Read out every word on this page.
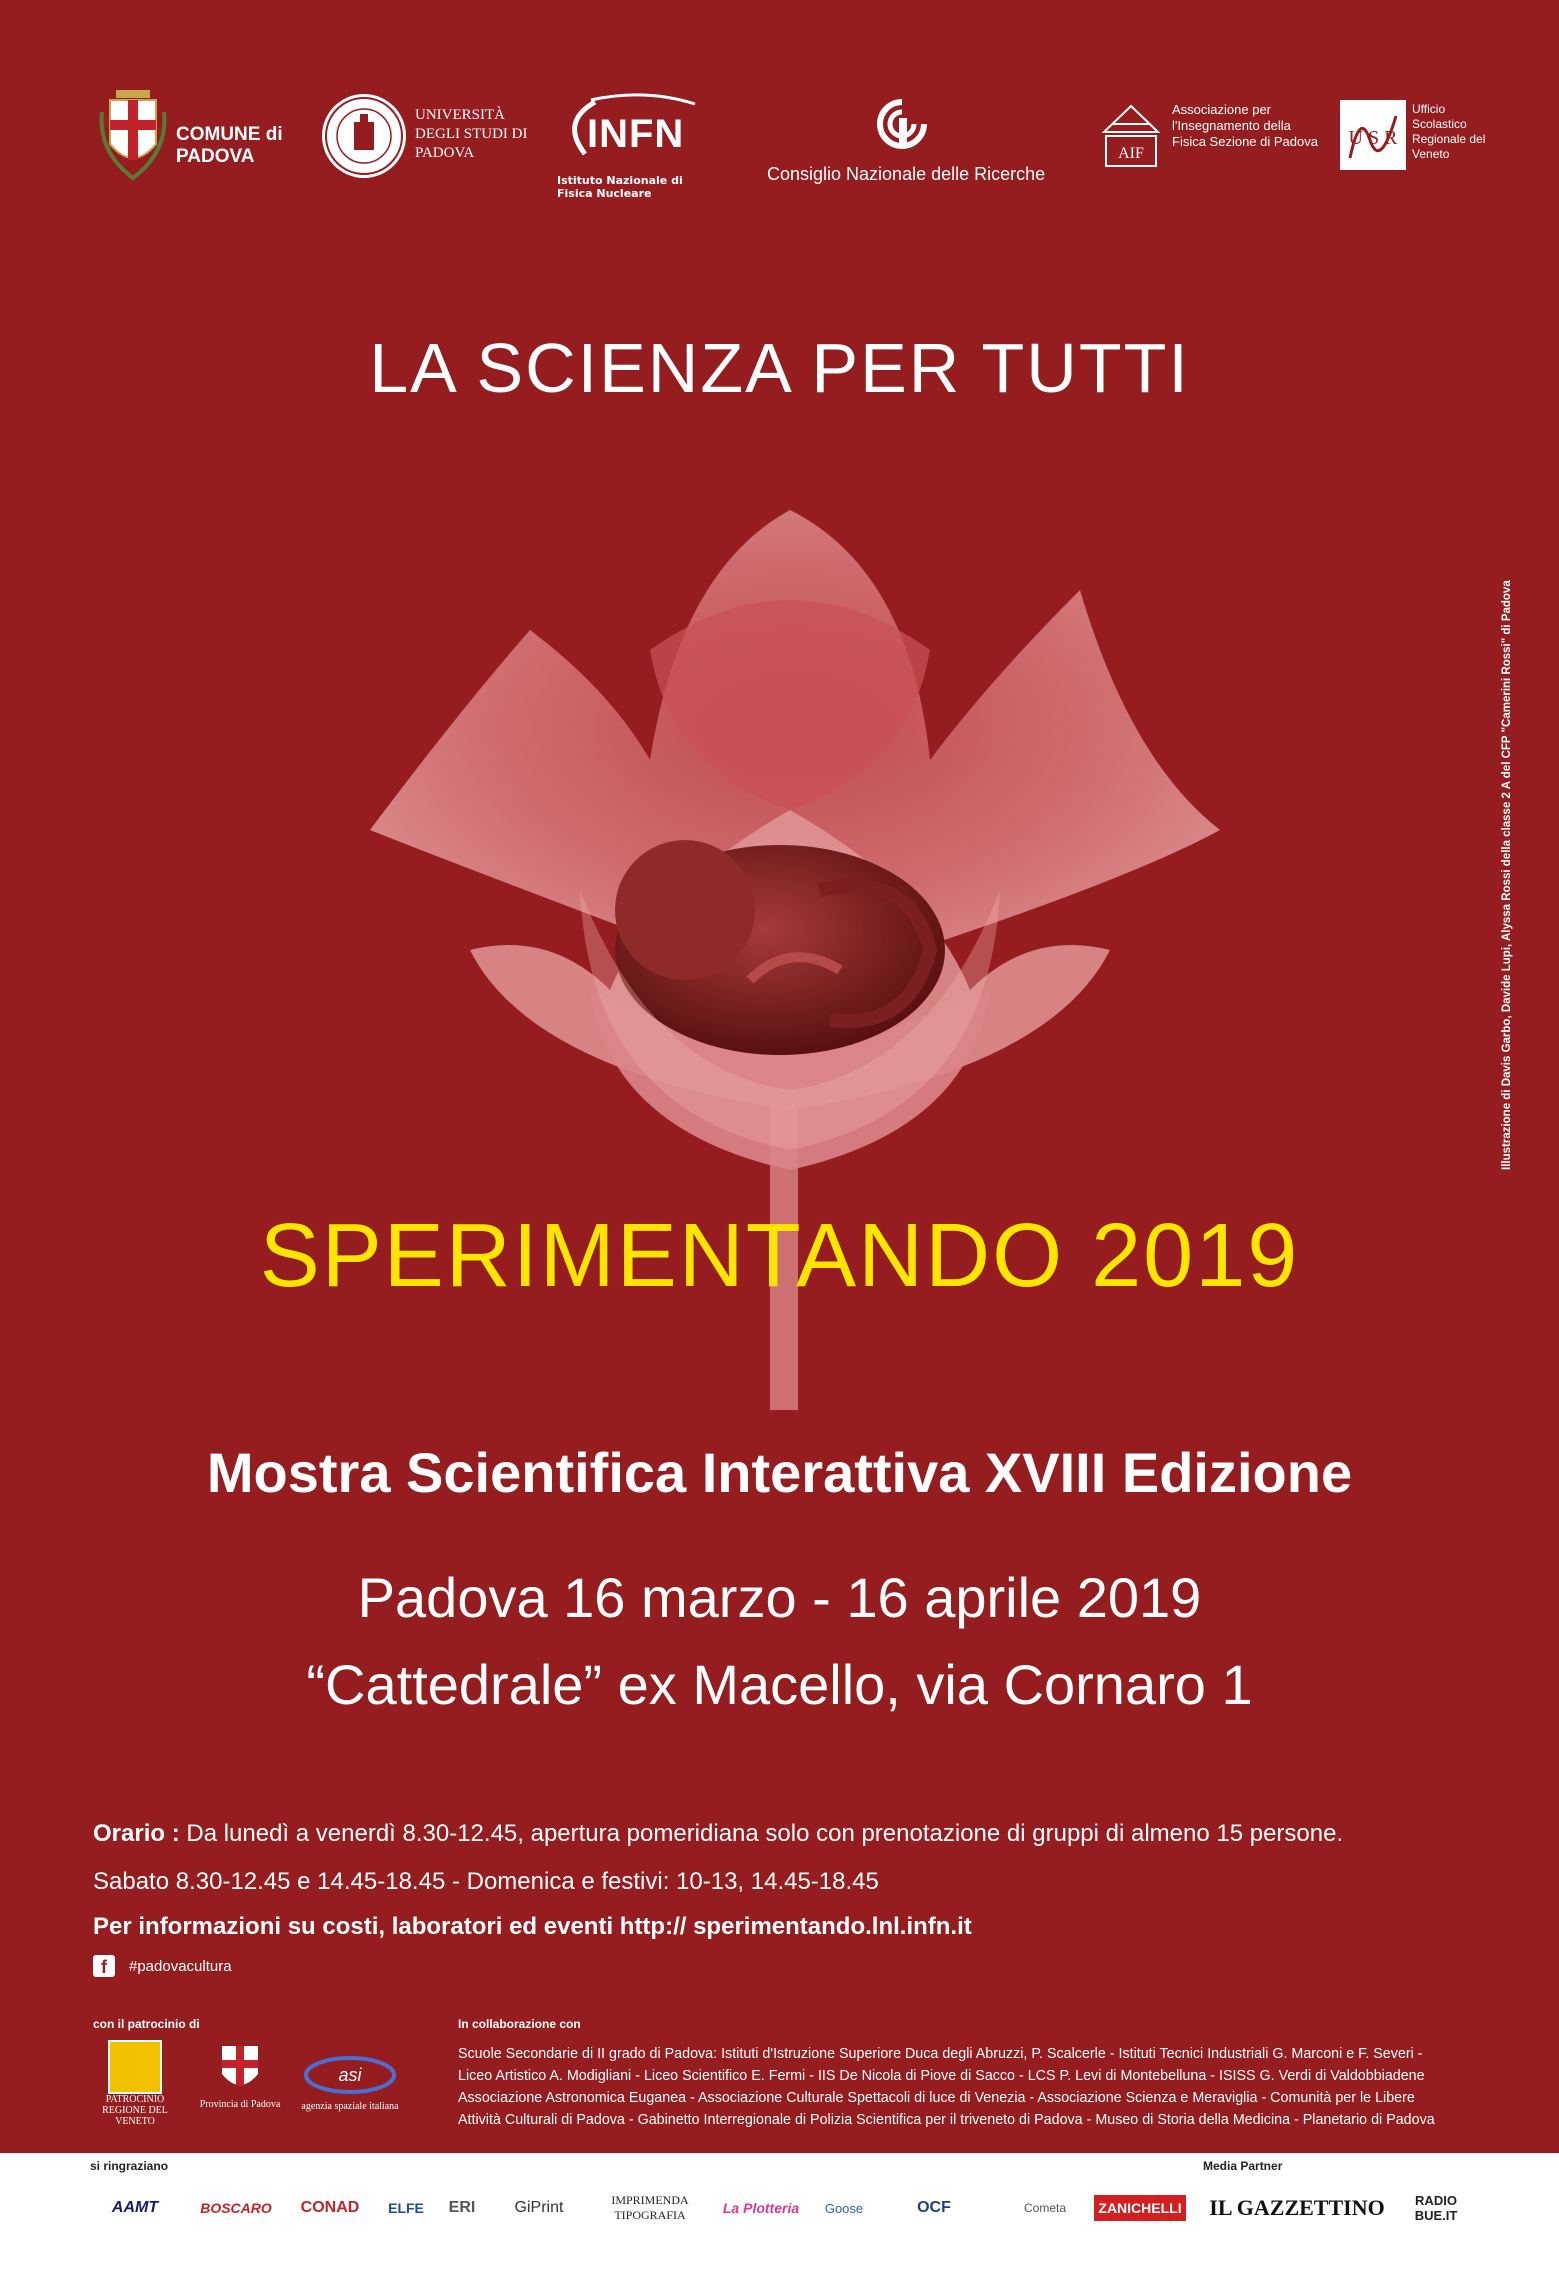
COMUNE di PADOVA
UNIVERSITÀ DEGLI STUDI DI PADOVA	INFN
Istituto Nazionale di Fisica Nucleare
Consiglio Nazionale delle Ricerche
AIF
Associazione per l'Insegnamento della Fisica Sezione di Padova U S R
Ufficio Scolastico Regionale del Veneto
LA SCIENZA PER TUTTI
Illustrazione di Davis Garbo, Davide Lupi, Alyssa Rossi della classe 2 A del CFP "Camerini Rossi" di Padova
SPERIMENTANDO 2019
Mostra Scientifica Interattiva XVIII Edizione
Padova 16 marzo - 16 aprile 2019
“Cattedrale” ex Macello, via Cornaro 1
Orario : Da lunedì a venerdì 8.30-12.45, apertura pomeridiana solo con prenotazione di gruppi di almeno 15 persone.
Sabato 8.30-12.45 e 14.45-18.45 - Domenica e festivi: 10-13, 14.45-18.45
Per informazioni su costi, laboratori ed eventi http:// sperimentando.lnl.infn.it
f	#padovacultura
con il patrocinio di
PATROCINIO REGIONE DEL VENETO
Provincia di Padova
asi
agenzia spaziale italiana
In collaborazione con
Scuole Secondarie di II grado di Padova: Istituti d'Istruzione Superiore Duca degli Abruzzi, P. Scalcerle - Istituti Tecnici Industriali G. Marconi e F. Severi -
Liceo Artistico A. Modigliani - Liceo Scientifico E. Fermi - IIS De Nicola di Piove di Sacco - LCS P. Levi di Montebelluna - ISISS G. Verdi di Valdobbiadene
Associazione Astronomica Euganea - Associazione Culturale Spettacoli di luce di Venezia - Associazione Scienza e Meraviglia - Comunità per le Libere
Attività Culturali di Padova - Gabinetto Interregionale di Polizia Scientifica per il triveneto di Padova - Museo di Storia della Medicina - Planetario di Padova
si ringraziano	Media Partner
AAMT	BOSCARO	CONAD	ELFE	ERI	GiPrint	IMPRIMENDA TIPOGRAFIA	La Plotteria	Goose	OCF	Cometa	ZANICHELLI IL GAZZETTINO	RADIO BUE.IT
